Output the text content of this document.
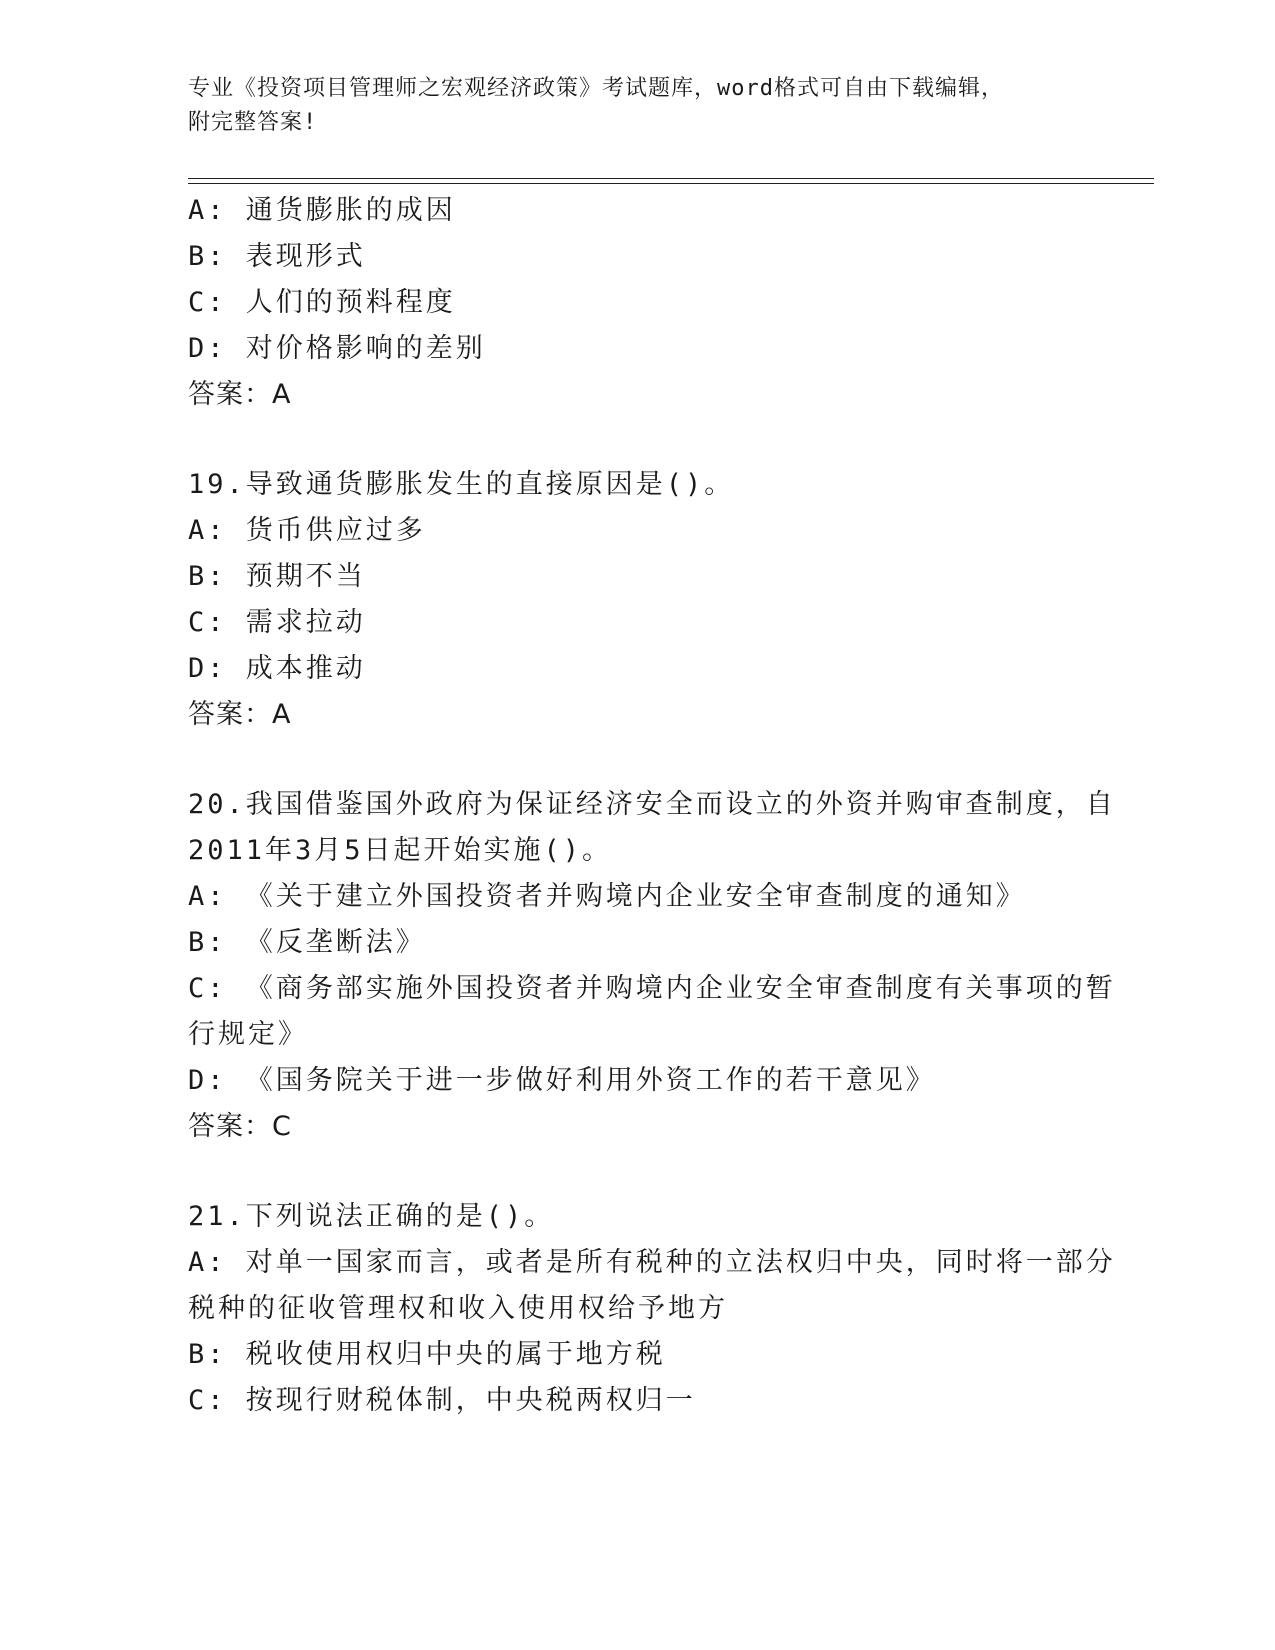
专业《投资项目管理师之宏观经济政策》考试题库，word格式可自由下载编辑，
附完整答案!
A: 通货膨胀的成因
B: 表现形式
C: 人们的预料程度
D: 对价格影响的差别
答案：A
19.导致通货膨胀发生的直接原因是()。
A: 货币供应过多
B: 预期不当
C: 需求拉动
D: 成本推动
答案：A
20.我国借鉴国外政府为保证经济安全而设立的外资并购审查制度，自
2011年3月5日起开始实施()。
A: 《关于建立外国投资者并购境内企业安全审查制度的通知》
B: 《反垄断法》
C: 《商务部实施外国投资者并购境内企业安全审查制度有关事项的暂
行规定》
D: 《国务院关于进一步做好利用外资工作的若干意见》
答案：C
21.下列说法正确的是()。
A: 对单一国家而言，或者是所有税种的立法权归中央，同时将一部分
税种的征收管理权和收入使用权给予地方
B: 税收使用权归中央的属于地方税
C: 按现行财税体制，中央税两权归一
